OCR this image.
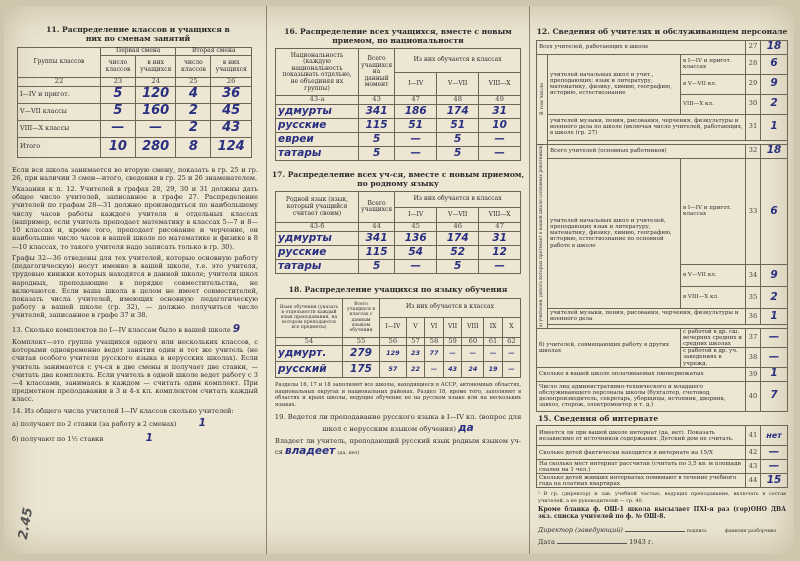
11. Распределение классов и учащихся в них по сменам занятий
Группы классов	Первая смена		Вторая смена	
	число классов	в них учащихся	число классов	в них учащихся
22	23	24	25	26
I—IV и пригот.	5	120	4	36
V—VII классы	5	160	2	45
VIII—X классы	—	—	2	43
Итого	10	280	8	124
Если вся школа занимается во вторую смену, показать в гр. 25 и гр. 26, при наличии 3 смен—итого, сведения в гр. 25 и 26 знаменателем.
Указания к п. 12. Учителей в графах 28, 29, 30 и 31 должны дать общее число учителей, записанное в графе 27. Распределение учителей по графам 28—31 должно производиться по наибольшему числу часов работы каждого учителя в отдельных классах (например, если учитель преподает математику в классах 5—7 и 8—10 классах и, кроме того, преподает рисование и черчение, он наибольшие число часов в вашей школе по математике и физике в 8—10 классах, то такого учителя надо записать только в гр. 30).
Графы 32—36 отведены для тех учителей, которые основную работу (педагогическую) несут именно в вашей школе, т.е. это учителя, трудовые книжки которых находятся в данной школе; учителя школ народных, преподающие в порядке совместительства, не включаются. Если ваша школа в целом не имеет совместителей, показать числа учителей, имеющих основную педагогическую работу в вашей школе (гр. 32), — должно получиться число учителей, записанное в графе 37 и 38.
13. Сколько комплектов по I—IV классам было в вашей школе 9
Комплект—это группа учащихся одного или нескольких классов, с которыми одновременно ведет занятия один и тот же учитель (не считая особого учителя русского языка в нерусских школах). Если учитель занимается с уч-ся в две смены и получает две ставки, — считать два комплекта. Если учитель в одной школе ведет работу с 3—4 классами, занимаясь в каждом — считать один комплект. При предметном преподавании в 3 и 4-х кл. комплектом считать каждый класс.
14. Из общего числа учителей I—IV классов сколько учителей:
а) получают по 2 ставки (за работу в 2 сменах) 1
б) получают по 1½ ставки	1
2.45
16. Распределение всех учащихся, вместе с новым приемом, по национальности
Национальность (каждую национальность показывать отдельно, не объединяя их группы)	Всего учащихся на данный момент	Из них обучается в классах		
		I—IV	V—VII	VIII—X
43-а	43	47	48	49
удмурты	341	186	174	31
русские	115	51	51	10
евреи	5	—	5	—
татары	5	—	5	—
17. Распределение всех уч-ся, вместе с новым приемом, по родному языку
Родной язык (язык, который учащийся считает своим)	Всего учащихся	Из них обучается в классах		
		I—IV	V—VII	VIII—X
43-б	44	45	46	47
удмурты	341	136	174	31
русские	115	54	52	12
татары	5	—	5	—
18. Распределение учащихся по языку обучения
Язык обучения (указать в отдельности каждый язык преподавания, на котором преподаются все предметы)	Всего учащихся в классах с данным языком обучения	Из них обучается в классах						
		I—IV	V	VI	VII	VIII	IX	X
54	55	56	57	58	59	60	61	62
удмурт.	279	129	23	77	—	—	—	—
русский	175	57	22	—	43	24	19	—
Разделы 16, 17 и 18 заполняют все школы, находящиеся в АССР, автономных областях, национальных округах и национальных районах. Раздел 18, кроме того, заполняют в областях и краях школы, ведущие обучение не на русском языке или на нескольких языках.
19. Ведется ли преподавание русского языка в I—IV кл. (вопрос для школ с нерусским языком обучения) да
Владеет ли учитель, преподающий русский язык родным языком уч-ся владеет (да, нет)
12. Сведения об учителях и обслуживающем персонале
Всех учителей, работающих в школе			27	18
В том числе	учителей начальных школ и учит., преподающих: язык и литературу, математику, физику, химию, географию, историю, естествознание	в I—IV и пригот. классах	28	6
		в V—VII кл.	29	9
		VIII—X кл.	30	2
	учителей музыки, пения, рисования, черчения, физкультуры и военного дела по школе (включая число учителей, работающих, в школе (гр. 27)		31	1

а) учителей, работа которых протекает в вашей школе (основных работников)	Всего учителей (основных работников)		32	18
	учителей начальных школ и учителей, преподающих язык и литературу, математику, физику, химию, географию, историю, естествознание по основной работе в школе	в I—IV и пригот. классах	33	6
		в V—VII кл.	34	9
		в VIII—X кл.	35	2
	учителей музыки, пения, рисования, черчения, физкультуры и военного дела		36	1

б) учителей, совмещающих работу в других школах		с работой в др. сш. вечерних средних и средних школах	37	—
		с работой в др. уч. заведениях в учрежд.	38	—
Сколько в вашей школе оплачиваемых пионервожатых			39	1
Число лиц административно-технического и младшего обслуживающего персонала школы (бухгалтер, счетовод, делопроизводитель, секретарь, уборщицы, истопник, дворник, завхоз, сторож, электромонтер и т. д.)			40	7
15. Сведения об интернате
Имеется ли при вашей школе интернат (да, нет). Показать независимо от источников содержания. Детский дом не считать.	41	нет
Сколько детей фактически находится в интернате на 15/X	42	—
На сколько мест интернат рассчитан (считать по 3,5 кв. м площади спален на 1 чел.)	43	—
Сколько детей живших интернатах помимают в течение учебного года на платных квартирах	44	15
¹ В гр. (директор) и зав. учебной частью, ведущих преподавание, включать в состав учителей, а не руководителей — гр. 40.
Кроме бланка ф. ОШ-1 школа высылает ПХI-я раз (гор)ОНО ДВА экз. списка учителей по ф. № ОШ-8.
Директор (заведующий)	подпись	фамилия разборчиво
Дата	1943 г.
